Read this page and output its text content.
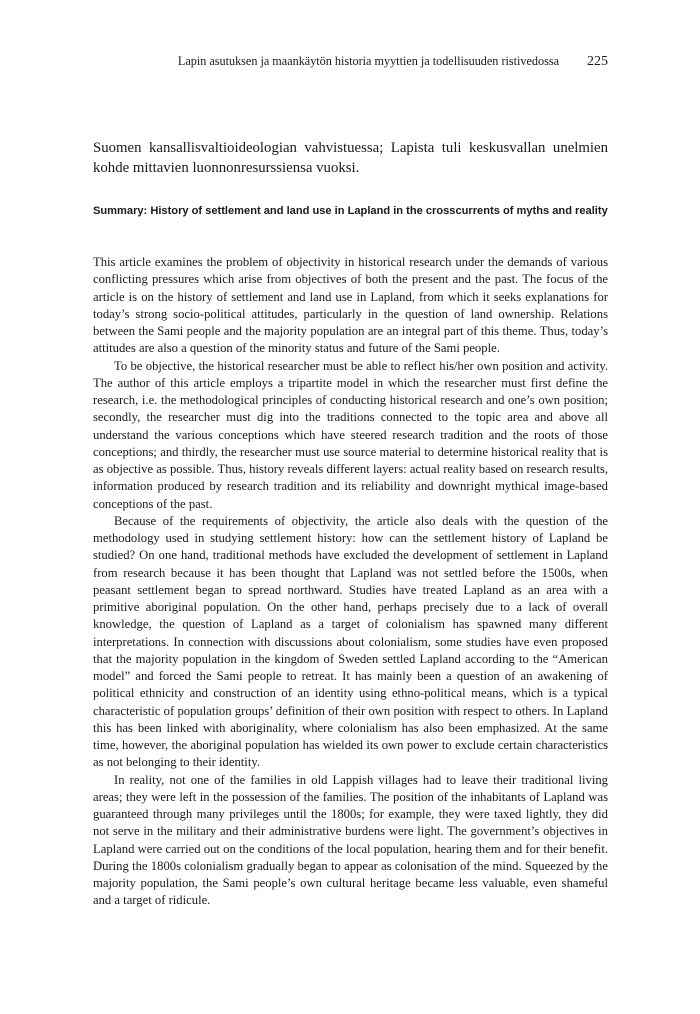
Lapin asutuksen ja maankäytön historia myyttien ja todellisuuden ristivedossa 225

Suomen kansallisvaltioideologian vahvistuessa; Lapista tuli keskusvallan unelmien kohde mittavien luonnonresurssiensa vuoksi.

Summary: History of settlement and land use in Lapland in the crosscurrents of myths and reality

This article examines the problem of objectivity in historical research under the demands of various conflicting pressures which arise from objectives of both the present and the past. The focus of the article is on the history of settlement and land use in Lapland, from which it seeks explanations for today’s strong socio-political attitudes, particularly in the question of land ownership. Relations between the Sami people and the majority population are an integral part of this theme. Thus, today’s attitudes are also a question of the minority status and future of the Sami people.

To be objective, the historical researcher must be able to reflect his/her own position and activity. The author of this article employs a tripartite model in which the researcher must first define the research, i.e. the methodological principles of conducting historical research and one’s own position; secondly, the researcher must dig into the traditions connected to the topic area and above all understand the various conceptions which have steered research tradition and the roots of those conceptions; and thirdly, the researcher must use source material to determine historical reality that is as objective as possible. Thus, history reveals different layers: actual reality based on research results, information produced by research tradition and its reliability and downright mythical image-based conceptions of the past.

Because of the requirements of objectivity, the article also deals with the question of the methodology used in studying settlement history: how can the settlement history of Lapland be studied? On one hand, traditional methods have excluded the development of settlement in Lapland from research because it has been thought that Lapland was not settled before the 1500s, when peasant settlement began to spread northward. Studies have treated Lapland as an area with a primitive aboriginal population. On the other hand, perhaps precisely due to a lack of overall knowledge, the question of Lapland as a target of colonialism has spawned many different interpretations. In connection with discussions about colonialism, some studies have even proposed that the majority population in the kingdom of Sweden settled Lapland according to the “American model” and forced the Sami people to retreat. It has mainly been a question of an awakening of political ethnicity and construction of an identity using ethno-political means, which is a typical characteristic of population groups’ definition of their own position with respect to others. In Lapland this has been linked with aboriginality, where colonialism has also been emphasized. At the same time, however, the aboriginal population has wielded its own power to exclude certain characteristics as not belonging to their identity.

In reality, not one of the families in old Lappish villages had to leave their traditional living areas; they were left in the possession of the families. The position of the inhabitants of Lapland was guaranteed through many privileges until the 1800s; for example, they were taxed lightly, they did not serve in the military and their administrative burdens were light. The government’s objectives in Lapland were carried out on the conditions of the local population, hearing them and for their benefit. During the 1800s colonialism gradually began to appear as colonisation of the mind. Squeezed by the majority population, the Sami people’s own cultural heritage became less valuable, even shameful and a target of ridicule.
